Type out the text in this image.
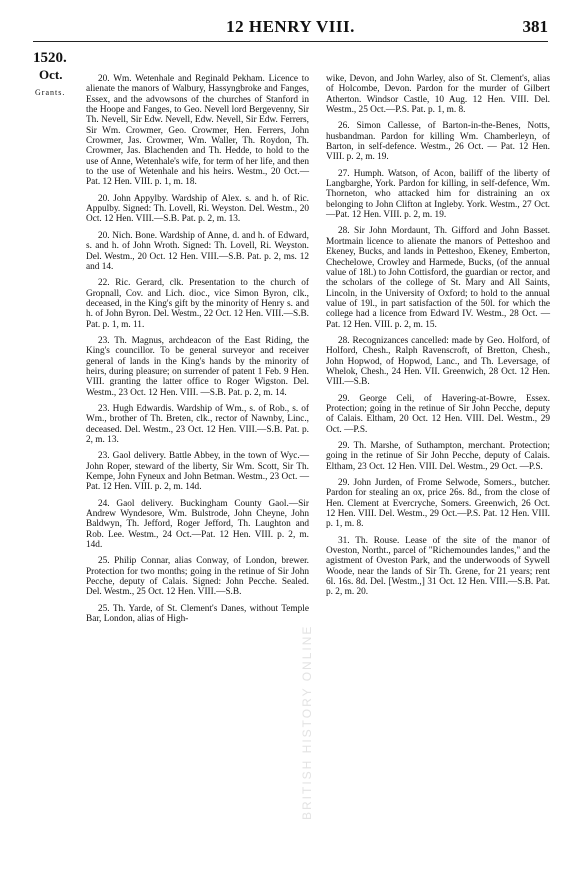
12 HENRY VIII.	381
1520.
Oct.
Grants.

20. Wm. Wetenhale and Reginald Pekham. Licence to alienate the manors of Walbury, Hassyngbroke and Fanges, Essex, and the advowsons of the churches of Stanford in the Hoope and Fanges, to Geo. Nevell lord Bergevenny, Sir Th. Nevell, Sir Edw. Nevell, Edw. Nevell, Sir Edw. Ferrers, Sir Wm. Crowmer, Geo. Crowmer, Hen. Ferrers, John Crowmer, Jas. Crowmer, Wm. Waller, Th. Roydon, Th. Crowmer, Jas. Blachenden and Th. Hedde, to hold to the use of Anne, Wetenhale's wife, for term of her life, and then to the use of Wetenhale and his heirs. Westm., 20 Oct.—Pat. 12 Hen. VIII. p. 1, m. 18.

20. John Appylby. Wardship of Alex. s. and h. of Ric. Appulby. Signed: Th. Lovell, Ri. Weyston. Del. Westm., 20 Oct. 12 Hen. VIII.—S.B. Pat. p. 2, m. 13.

20. Nich. Bone. Wardship of Anne, d. and h. of Edward, s. and h. of John Wroth. Signed: Th. Lovell, Ri. Weyston. Del. Westm., 20 Oct. 12 Hen. VIII.—S.B. Pat. p. 2, ms. 12 and 14.

22. Ric. Gerard, clk. Presentation to the church of Gropnall, Cov. and Lich. dioc., vice Simon Byron, clk., deceased, in the King's gift by the minority of Henry s. and h. of John Byron. Del. Westm., 22 Oct. 12 Hen. VIII.—S.B. Pat. p. 1, m. 11.

23. Th. Magnus, archdeacon of the East Riding, the King's councillor. To be general surveyor and receiver general of lands in the King's hands by the minority of heirs, during pleasure; on surrender of patent 1 Feb. 9 Hen. VIII. granting the latter office to Roger Wigston. Del. Westm., 23 Oct. 12 Hen. VIII. —S.B. Pat. p. 2, m. 14.

23. Hugh Edwardis. Wardship of Wm., s. of Rob., s. of Wm., brother of Th. Breten, clk., rector of Nawnby, Linc., deceased. Del. Westm., 23 Oct. 12 Hen. VIII.—S.B. Pat. p. 2, m. 13.

23. Gaol delivery. Battle Abbey, in the town of Wyc.—John Roper, steward of the liberty, Sir Wm. Scott, Sir Th. Kempe, John Fyneux and John Betman. Westm., 23 Oct. — Pat. 12 Hen. VIII. p. 2, m. 14d.

24. Gaol delivery. Buckingham County Gaol.—Sir Andrew Wyndesore, Wm. Bulstrode, John Cheyne, John Baldwyn, Th. Jefford, Roger Jefford, Th. Laughton and Rob. Lee. Westm., 24 Oct.—Pat. 12 Hen. VIII. p. 2, m. 14d.

25. Philip Connar, alias Conway, of London, brewer. Protection for two months; going in the retinue of Sir John Pecche, deputy of Calais. Signed: John Pecche. Sealed. Del. Westm., 25 Oct. 12 Hen. VIII.—S.B.

25. Th. Yarde, of St. Clement's Danes, without Temple Bar, London, alias of High-

BRITISH HISTORY ONLINE

wike, Devon, and John Warley, also of St. Clement's, alias of Holcombe, Devon. Pardon for the murder of Gilbert Atherton. Windsor Castle, 10 Aug. 12 Hen. VIII. Del. Westm., 25 Oct.—P.S. Pat. p. 1, m. 8.

26. Simon Callesse, of Barton-in-the-Benes, Notts, husbandman. Pardon for killing Wm. Chamberleyn, of Barton, in self-defence. Westm., 26 Oct. — Pat. 12 Hen. VIII. p. 2, m. 19.

27. Humph. Watson, of Acon, bailiff of the liberty of Langbarghe, York. Pardon for killing, in self-defence, Wm. Thorneton, who attacked him for distraining an ox belonging to John Clifton at Ingleby. York. Westm., 27 Oct.—Pat. 12 Hen. VIII. p. 2, m. 19.

28. Sir John Mordaunt, Th. Gifford and John Basset. Mortmain licence to alienate the manors of Petteshoo and Ekeney, Bucks, and lands in Petteshoo, Ekeney, Emberton, Chechelowe, Crowley and Harmede, Bucks, (of the annual value of 18l.) to John Cottisford, the guardian or rector, and the scholars of the college of St. Mary and All Saints, Lincoln, in the University of Oxford; to hold to the annual value of 19l., in part satisfaction of the 50l. for which the college had a licence from Edward IV. Westm., 28 Oct. — Pat. 12 Hen. VIII. p. 2, m. 15.

28. Recognizances cancelled: made by Geo. Holford, of Holford, Chesh., Ralph Ravenscroft, of Bretton, Chesh., John Hopwod, of Hopwod, Lanc., and Th. Leversage, of Whelok, Chesh., 24 Hen. VII. Greenwich, 28 Oct. 12 Hen. VIII.—S.B.

29. George Celi, of Havering-at-Bowre, Essex. Protection; going in the retinue of Sir John Pecche, deputy of Calais. Eltham, 20 Oct. 12 Hen. VIII. Del. Westm., 29 Oct. —P.S.

29. Th. Marshe, of Suthampton, merchant. Protection; going in the retinue of Sir John Pecche, deputy of Calais. Eltham, 23 Oct. 12 Hen. VIII. Del. Westm., 29 Oct. —P.S.

29. John Jurden, of Frome Selwode, Somers., butcher. Pardon for stealing an ox, price 26s. 8d., from the close of Hen. Clement at Evercryche, Somers. Greenwich, 26 Oct. 12 Hen. VIII. Del. Westm., 29 Oct.—P.S. Pat. 12 Hen. VIII. p. 1, m. 8.

31. Th. Rouse. Lease of the site of the manor of Oveston, Northt., parcel of "Richemoundes landes," and the agistment of Oveston Park, and the underwoods of Sywell Woode, near the lands of Sir Th. Grene, for 21 years; rent 6l. 16s. 8d. Del. [Westm.,] 31 Oct. 12 Hen. VIII.—S.B. Pat. p. 2, m. 20.
